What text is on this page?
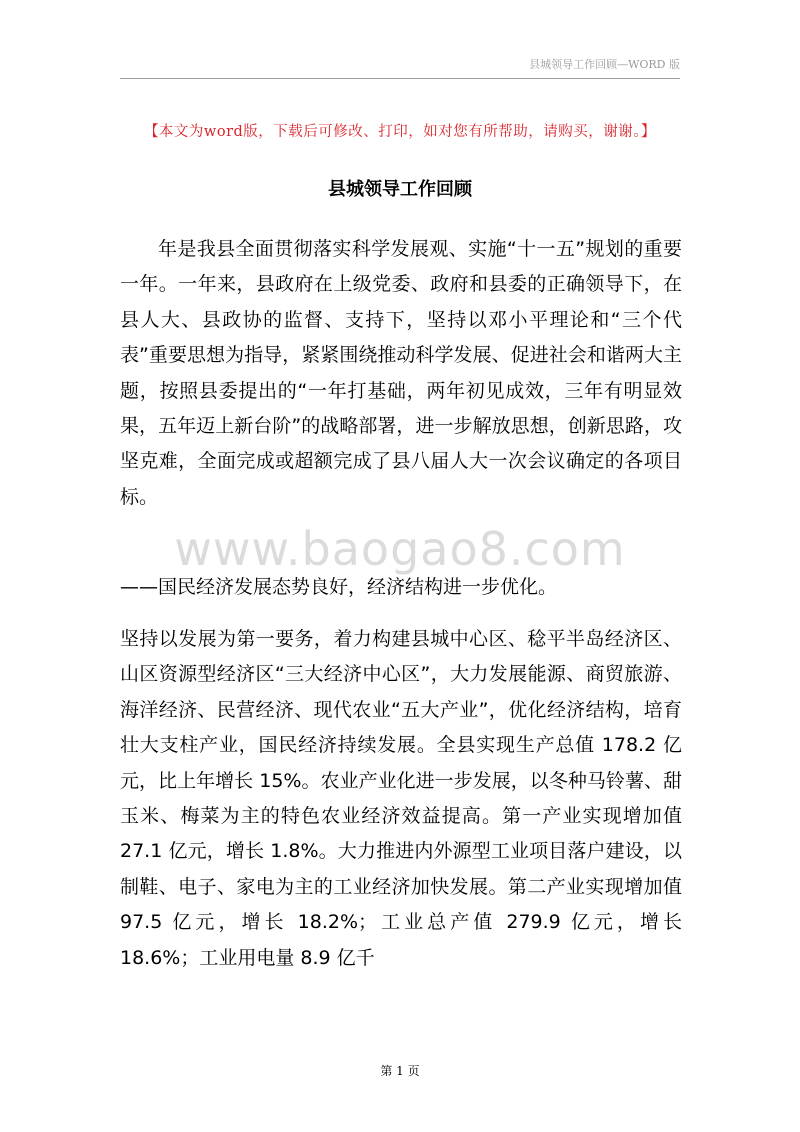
县城领导工作回顾—WORD 版
【本文为word版，下载后可修改、打印，如对您有所帮助，请购买，谢谢。】
县城领导工作回顾

年是我县全面贯彻落实科学发展观、实施“十一五”规划的重要一年。一年来，县政府在上级党委、政府和县委的正确领导下，在县人大、县政协的监督、支持下，坚持以邓小平理论和“三个代表”重要思想为指导，紧紧围绕推动科学发展、促进社会和谐两大主题，按照县委提出的“一年打基础，两年初见成效，三年有明显效果，五年迈上新台阶”的战略部署，进一步解放思想，创新思路，攻坚克难，全面完成或超额完成了县八届人大一次会议确定的各项目标。

www.baogao8.com

——国民经济发展态势良好，经济结构进一步优化。

坚持以发展为第一要务，着力构建县城中心区、稔平半岛经济区、山区资源型经济区“三大经济中心区”，大力发展能源、商贸旅游、海洋经济、民营经济、现代农业“五大产业”，优化经济结构，培育壮大支柱产业，国民经济持续发展。全县实现生产总值 178.2 亿元，比上年增长 15%。农业产业化进一步发展，以冬种马铃薯、甜玉米、梅菜为主的特色农业经济效益提高。第一产业实现增加值 27.1 亿元，增长 1.8%。大力推进内外源型工业项目落户建设，以制鞋、电子、家电为主的工业经济加快发展。第二产业实现增加值 97.5 亿元，增长 18.2%；工业总产值 279.9 亿元，增长 18.6%；工业用电量 8.9 亿千

第 1 页
